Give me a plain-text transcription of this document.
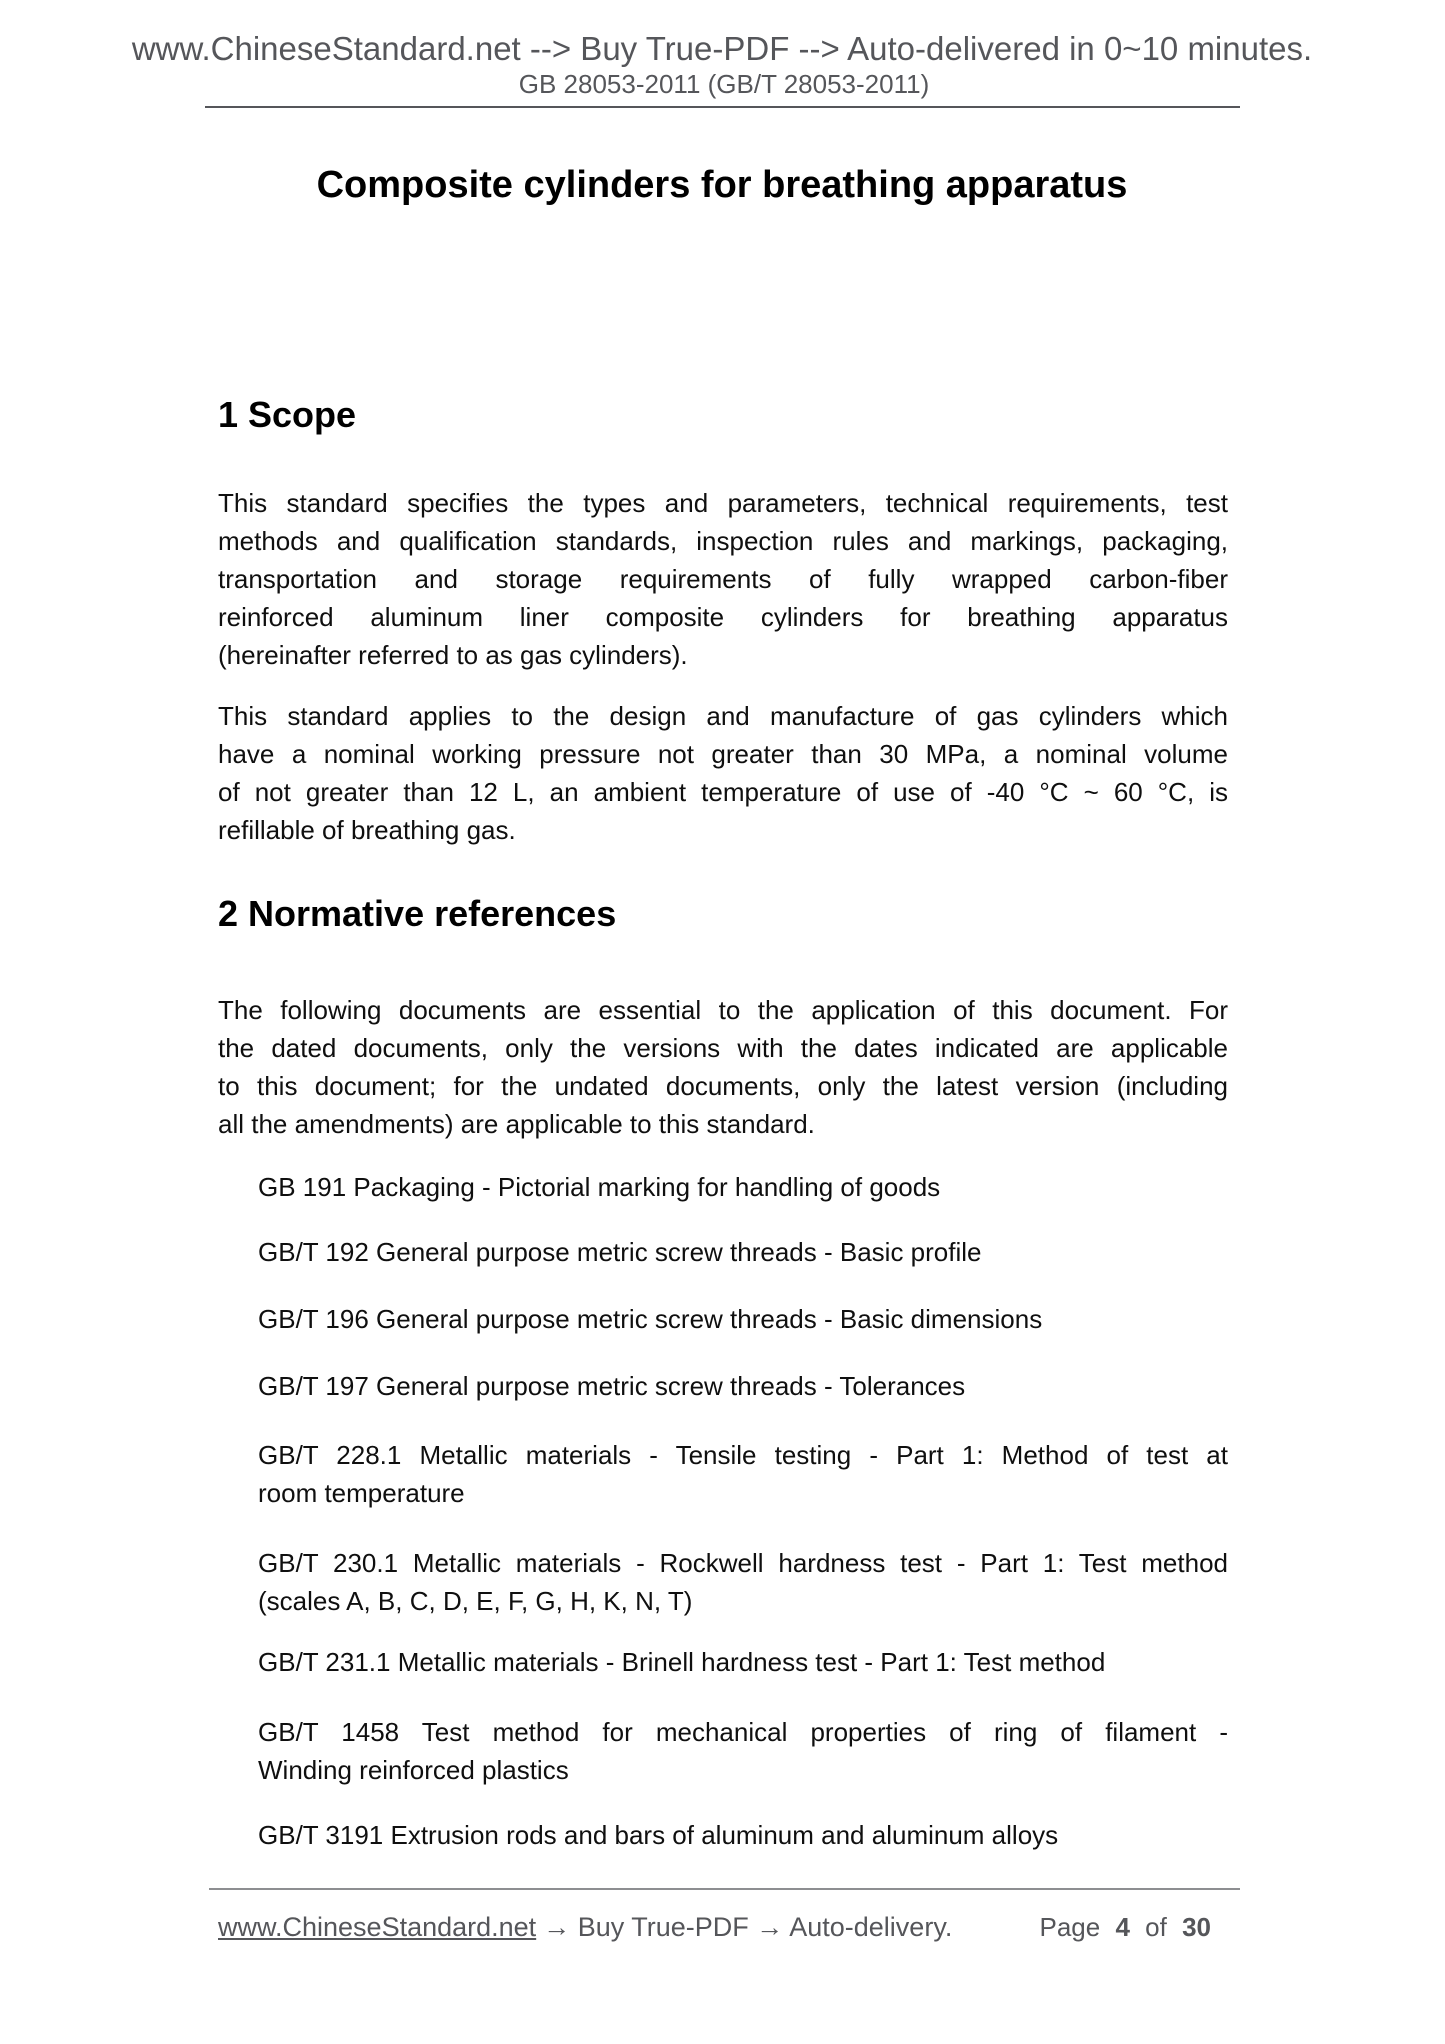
www.ChineseStandard.net --> Buy True-PDF --> Auto-delivered in 0~10 minutes.
GB 28053-2011 (GB/T 28053-2011)
Composite cylinders for breathing apparatus
1 Scope
This standard specifies the types and parameters, technical requirements, test
methods and qualification standards, inspection rules and markings, packaging,
transportation and storage requirements of fully wrapped carbon-fiber
reinforced aluminum liner composite cylinders for breathing apparatus
(hereinafter referred to as gas cylinders).
This standard applies to the design and manufacture of gas cylinders which
have a nominal working pressure not greater than 30 MPa, a nominal volume
of not greater than 12 L, an ambient temperature of use of -40 °C ~ 60 °C, is
refillable of breathing gas.
2 Normative references
The following documents are essential to the application of this document. For
the dated documents, only the versions with the dates indicated are applicable
to this document; for the undated documents, only the latest version (including
all the amendments) are applicable to this standard.
GB 191 Packaging - Pictorial marking for handling of goods
GB/T 192 General purpose metric screw threads - Basic profile
GB/T 196 General purpose metric screw threads - Basic dimensions
GB/T 197 General purpose metric screw threads - Tolerances
GB/T 228.1 Metallic materials - Tensile testing - Part 1: Method of test at
room temperature
GB/T 230.1 Metallic materials - Rockwell hardness test - Part 1: Test method
(scales A, B, C, D, E, F, G, H, K, N, T)
GB/T 231.1 Metallic materials - Brinell hardness test - Part 1: Test method
GB/T 1458 Test method for mechanical properties of ring of filament -
Winding reinforced plastics
GB/T 3191 Extrusion rods and bars of aluminum and aluminum alloys
www.ChineseStandard.net → Buy True-PDF → Auto-delivery.	Page 4 of 30
